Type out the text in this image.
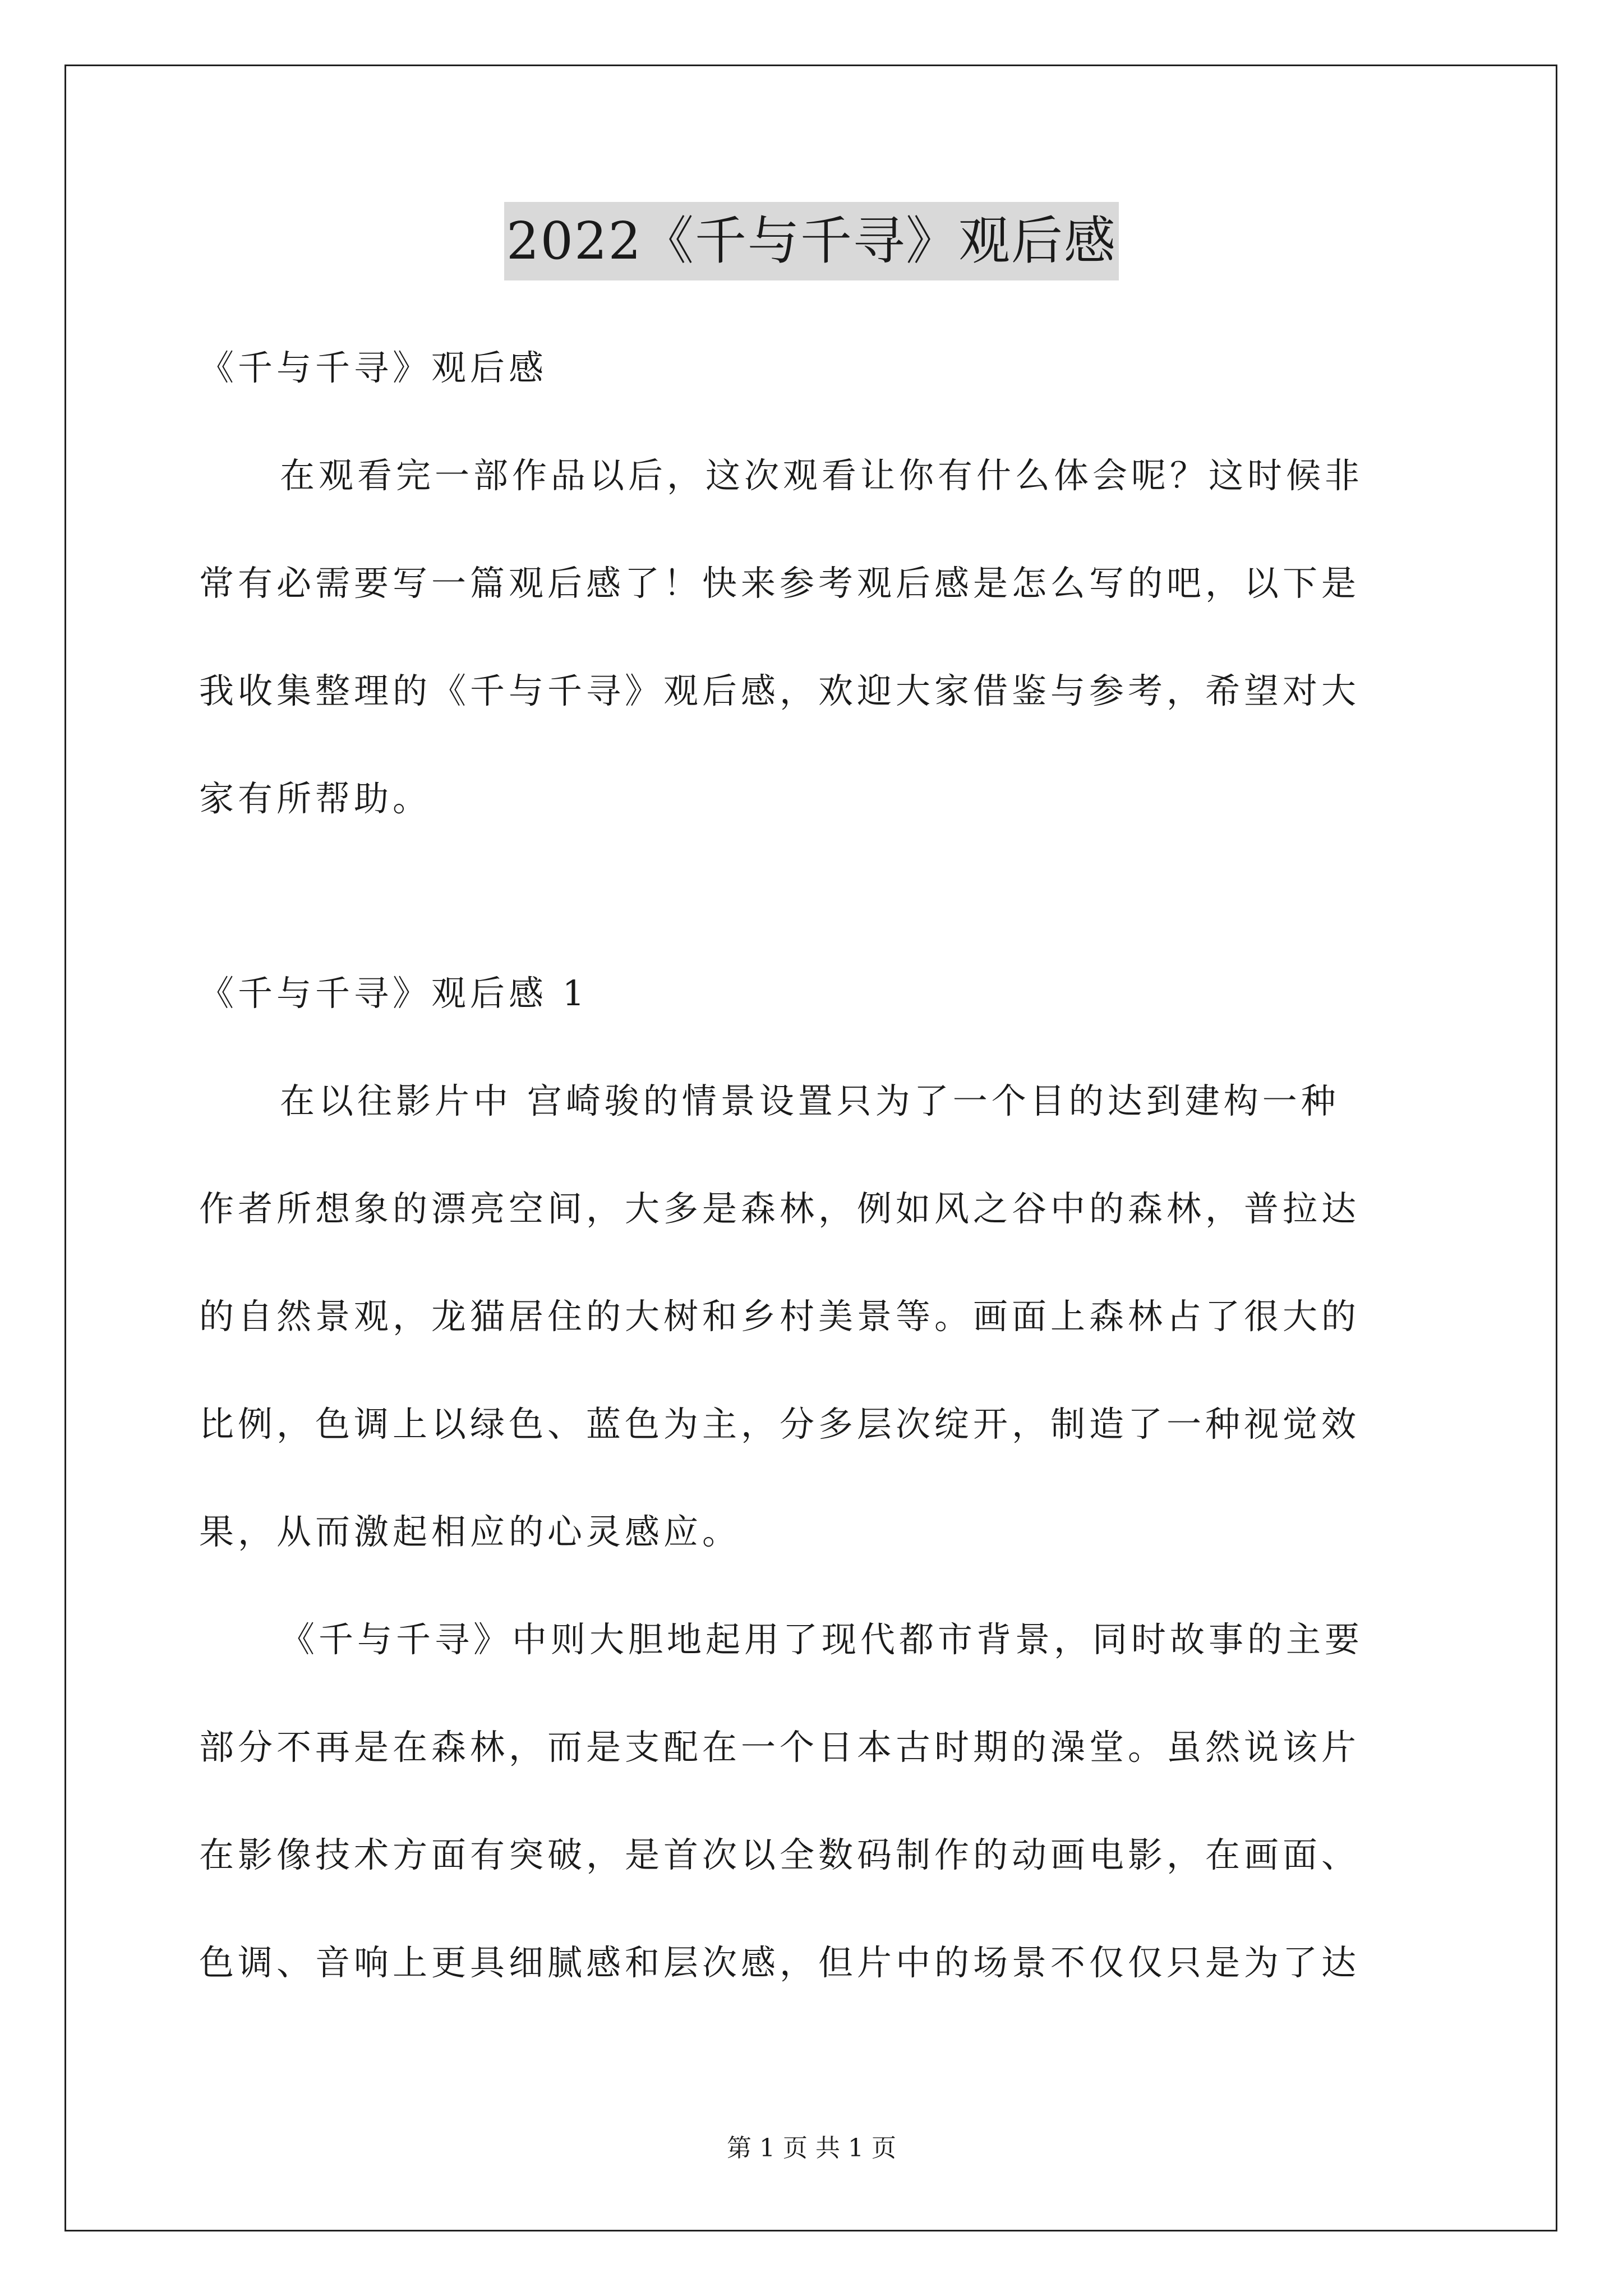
2022《千与千寻》观后感
《千与千寻》观后感
在观看完一部作品以后，这次观看让你有什么体会呢？这时候非
常有必需要写一篇观后感了！快来参考观后感是怎么写的吧，以下是
我收集整理的《千与千寻》观后感，欢迎大家借鉴与参考，希望对大
家有所帮助。
《千与千寻》观后感 1
在以往影片中 宫崎骏的情景设置只为了一个目的达到建构一种
作者所想象的漂亮空间，大多是森林，例如风之谷中的森林，普拉达
的自然景观，龙猫居住的大树和乡村美景等。画面上森林占了很大的
比例，色调上以绿色、蓝色为主，分多层次绽开，制造了一种视觉效
果，从而激起相应的心灵感应。
《千与千寻》中则大胆地起用了现代都市背景，同时故事的主要
部分不再是在森林，而是支配在一个日本古时期的澡堂。虽然说该片
在影像技术方面有突破，是首次以全数码制作的动画电影，在画面、
色调、音响上更具细腻感和层次感，但片中的场景不仅仅只是为了达
第 1 页 共 1 页
